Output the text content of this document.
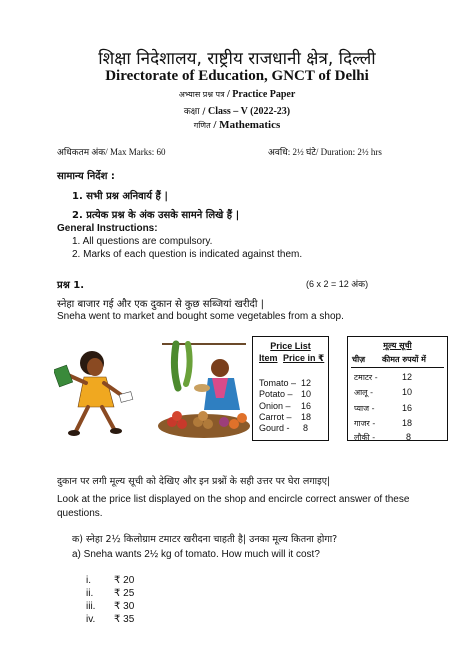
शिक्षा निदेशालय, राष्ट्रीय राजधानी क्षेत्र, दिल्ली
Directorate of Education, GNCT of Delhi
अभ्यास प्रश्न पत्र / Practice Paper
कक्षा / Class – V (2022-23)
गणित / Mathematics
अधिकतम अंक/ Max Marks: 60	अवधि: 2½ घंटे/ Duration: 2½ hrs
सामान्य निर्देश :
1. सभी प्रश्न अनिवार्य हैं |
2. प्रत्येक प्रश्न के अंक उसके सामने लिखे हैं |
General Instructions:
1. All questions are compulsory.
2. Marks of each question is indicated against them.
प्रश्न 1.	(6 x 2 = 12 अंक)
स्नेहा बाजार गई और एक दुकान से कुछ सब्जियां खरीदी |
Sneha went to market and bought some vegetables from a shop.
Price List
Item Price in ₹
Tomato – 12
Potato – 10
Onion – 16
Carrot – 18
Gourd - 8
मूल्य सूची
चीज़ कीमत रुपयों में
टमाटर -	12
आलू -	10
प्याज -	16
गाजर -	18
लौकी -	8
दुकान पर लगी मूल्य सूची को देखिए और इन प्रश्नों के सही उत्तर पर घेरा लगाइए|
Look at the price list displayed on the shop and encircle correct answer of these
questions.
क) स्नेहा 2½ किलोग्राम टमाटर खरीदना चाहती है| उनका मूल्य कितना होगा?
a) Sneha wants 2½ kg of tomato. How much will it cost?
i. ₹ 20
ii. ₹ 25
iii. ₹ 30
iv. ₹ 35
